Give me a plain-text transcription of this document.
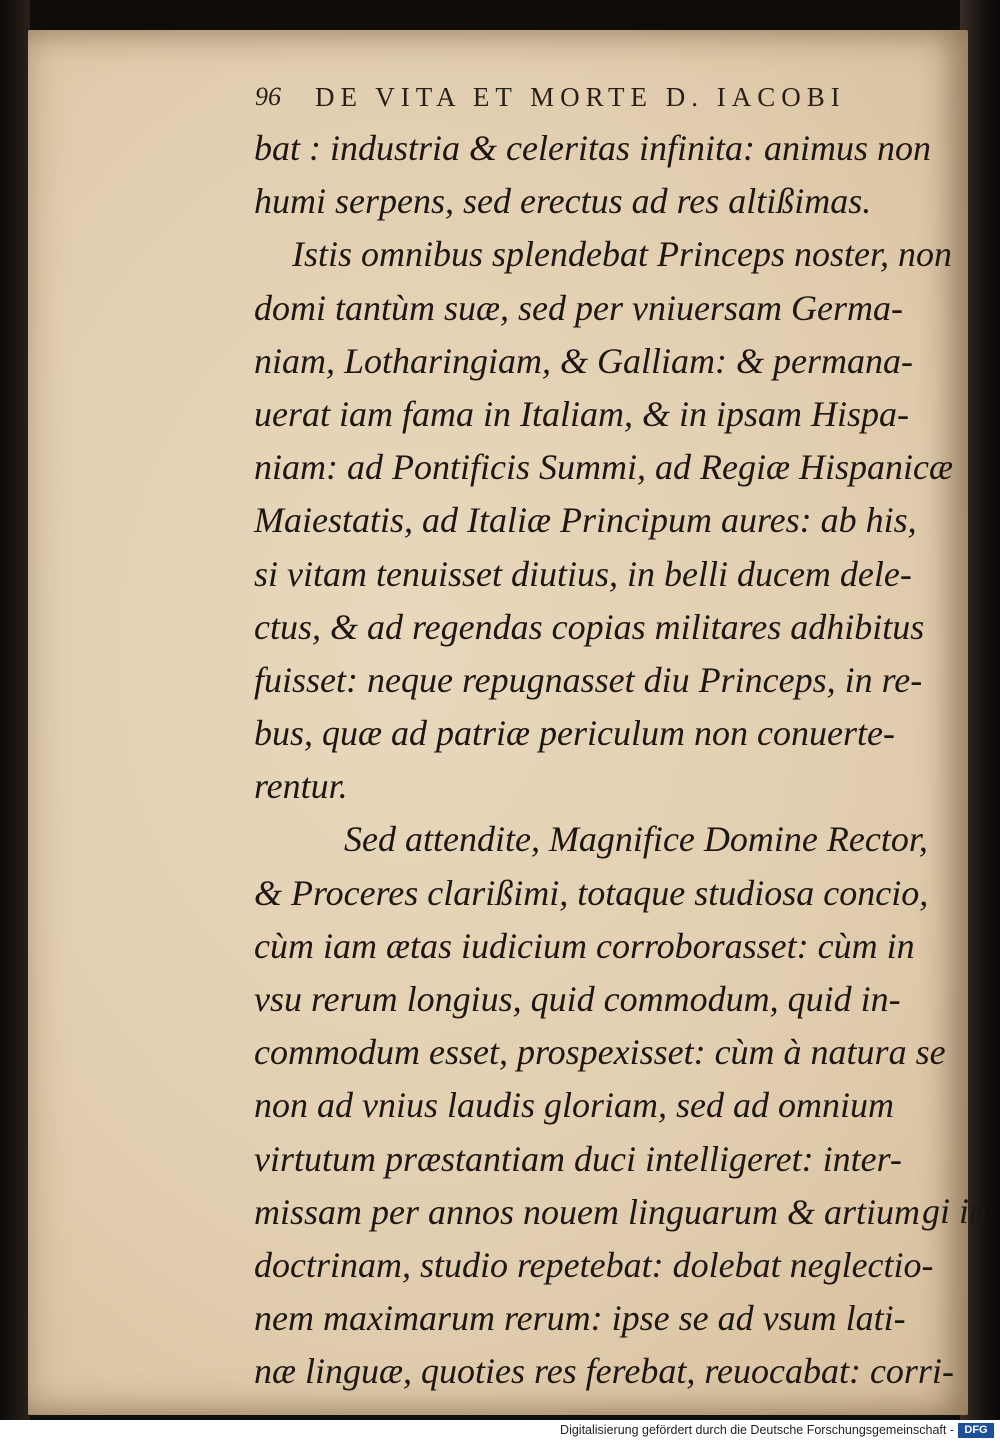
96 DE VITA ET MORTE D. IACOBI
bat : industria & celeritas infinita: animus non
humi serpens, sed erectus ad res altißimas.
Istis omnibus splendebat Princeps noster, non
domi tantùm suæ, sed per vniuersam Germa-
niam, Lotharingiam, & Galliam: & permana-
uerat iam fama in Italiam, & in ipsam Hispa-
niam: ad Pontificis Summi, ad Regiæ Hispanicæ
Maiestatis, ad Italiæ Principum aures: ab his,
si vitam tenuisset diutius, in belli ducem dele-
ctus, & ad regendas copias militares adhibitus
fuisset: neque repugnasset diu Princeps, in re-
bus, quæ ad patriæ periculum non conuerte-
rentur.
Sed attendite, Magnifice Domine Rector,
& Proceres clarißimi, totaque studiosa concio,
cùm iam ætas iudicium corroborasset: cùm in
vsu rerum longius, quid commodum, quid in-
commodum esset, prospexisset: cùm à natura se
non ad vnius laudis gloriam, sed ad omnium
virtutum præstantiam duci intelligeret: inter-
missam per annos nouem linguarum & artium
doctrinam, studio repetebat: dolebat neglectio-
nem maximarum rerum: ipse se ad vsum lati-
næ linguæ, quoties res ferebat, reuocabat: corri-
gi in
Digitalisierung gefördert durch die Deutsche Forschungsgemeinschaft - DFG
